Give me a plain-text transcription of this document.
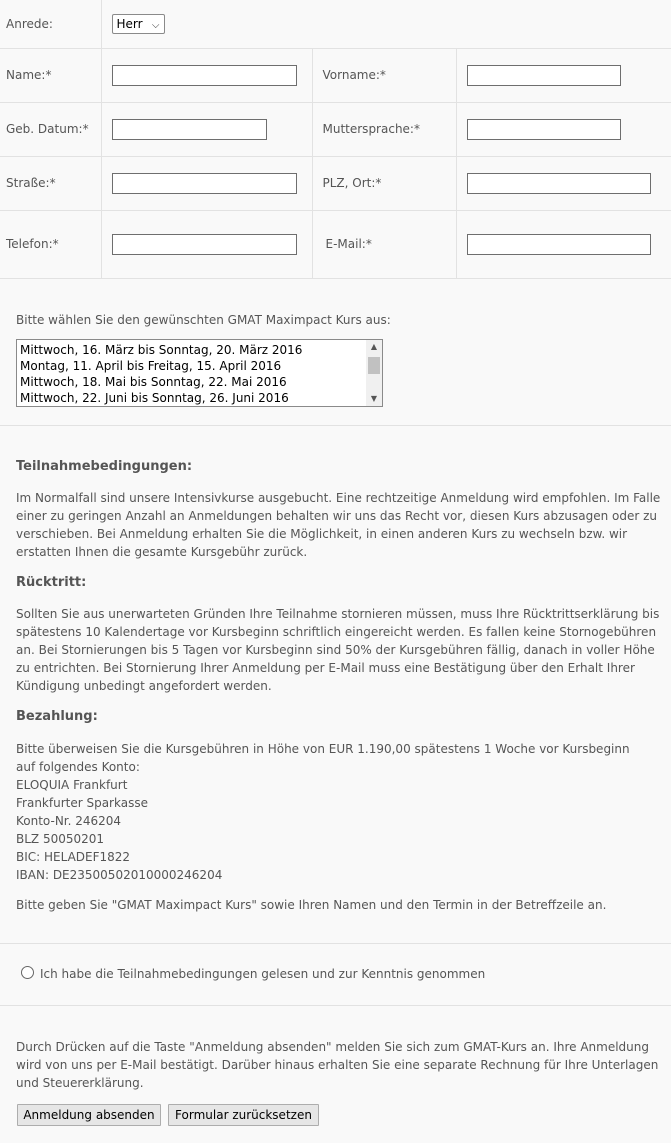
Anrede:	Herr ⌵		

Name:*		Vorname:*	
Geb. Datum:*		Muttersprache:*	
Straße:*		PLZ, Ort:*	
Telefon:*		E-Mail:*	
Bitte wählen Sie den gewünschten GMAT Maximpact Kurs aus:
Mittwoch, 16. März bis Sonntag, 20. März 2016
Montag, 11. April bis Freitag, 15. April 2016
Mittwoch, 18. Mai bis Sonntag, 22. Mai 2016
Mittwoch, 22. Juni bis Sonntag, 26. Juni 2016
▲
▼
Teilnahmebedingungen:
Im Normalfall sind unsere Intensivkurse ausgebucht. Eine rechtzeitige Anmeldung wird empfohlen. Im Falle einer zu geringen Anzahl an Anmeldungen behalten wir uns das Recht vor, diesen Kurs abzusagen oder zu verschieben. Bei Anmeldung erhalten Sie die Möglichkeit, in einen anderen Kurs zu wechseln bzw. wir erstatten Ihnen die gesamte Kursgebühr zurück.
Rücktritt:
Sollten Sie aus unerwarteten Gründen Ihre Teilnahme stornieren müssen, muss Ihre Rücktrittserklärung bis spätestens 10 Kalendertage vor Kursbeginn schriftlich eingereicht werden. Es fallen keine Stornogebühren an. Bei Stornierungen bis 5 Tagen vor Kursbeginn sind 50% der Kursgebühren fällig, danach in voller Höhe zu entrichten. Bei Stornierung Ihrer Anmeldung per E-Mail muss eine Bestätigung über den Erhalt Ihrer Kündigung unbedingt angefordert werden.
Bezahlung:
Bitte überweisen Sie die Kursgebühren in Höhe von EUR 1.190,00 spätestens 1 Woche vor Kursbeginn auf folgendes Konto:
ELOQUIA Frankfurt
Frankfurter Sparkasse
Konto-Nr. 246204
BLZ 50050201
BIC: HELADEF1822
IBAN: DE23500502010000246204
Bitte geben Sie "GMAT Maximpact Kurs" sowie Ihren Namen und den Termin in der Betreffzeile an.
Ich habe die Teilnahmebedingungen gelesen und zur Kenntnis genommen
Durch Drücken auf die Taste "Anmeldung absenden" melden Sie sich zum GMAT-Kurs an. Ihre Anmeldung wird von uns per E-Mail bestätigt. Darüber hinaus erhalten Sie eine separate Rechnung für Ihre Unterlagen und Steuererklärung.
Anmeldung absenden	Formular zurücksetzen
